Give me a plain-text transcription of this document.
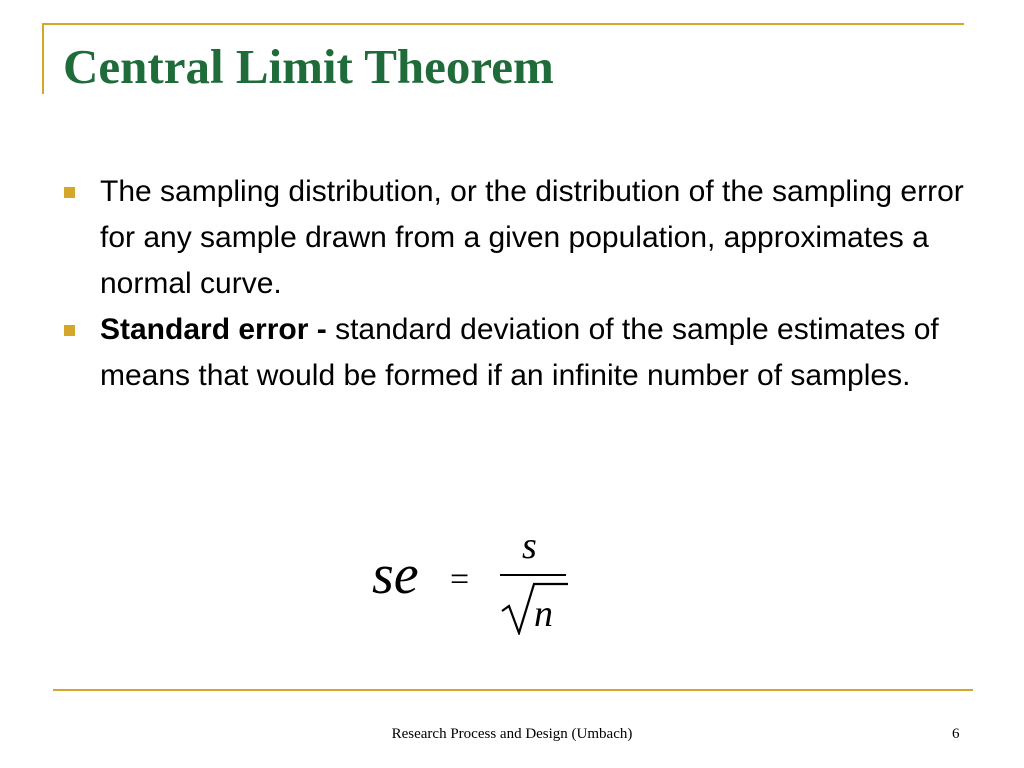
Central Limit Theorem
The sampling distribution, or the distribution of the sampling error for any sample drawn from a given population, approximates a normal curve.
Standard error - standard deviation of the sample estimates of means that would be formed if an infinite number of samples.
se =
s
n
Research Process and Design (Umbach)	6
